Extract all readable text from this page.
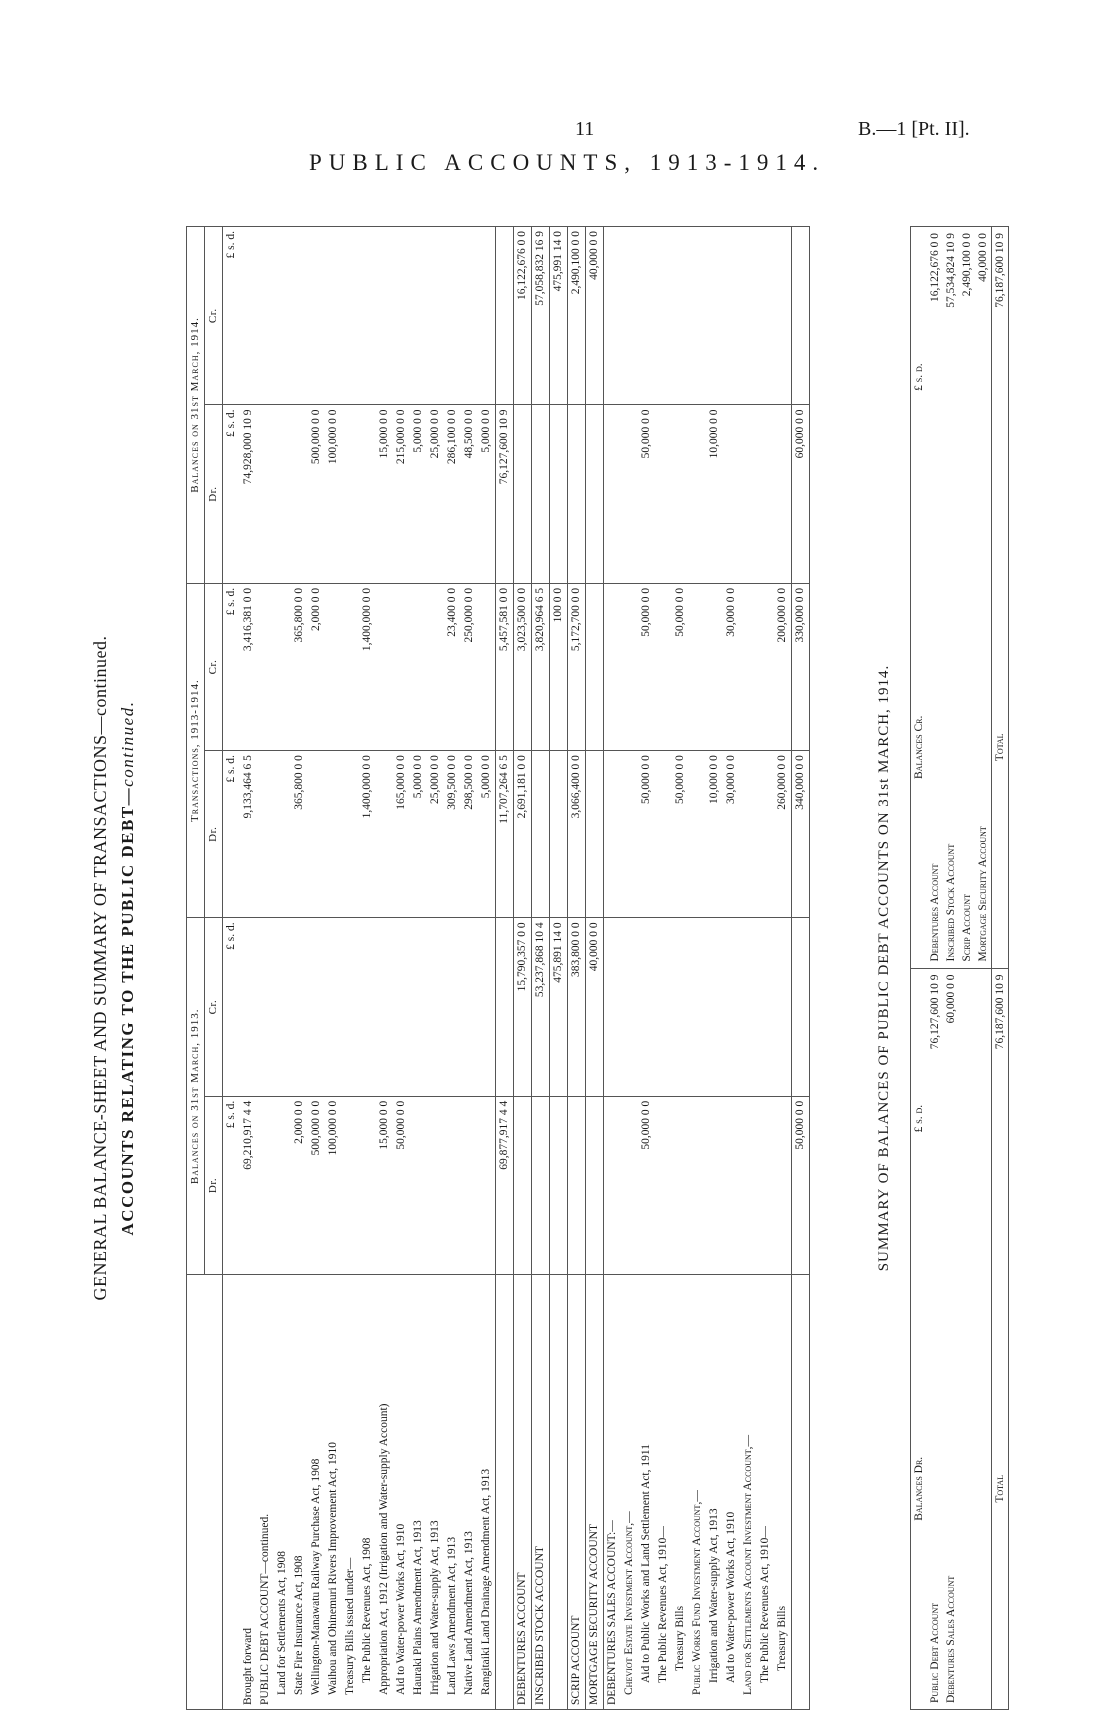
11	B.—1 [Pt. II].
PUBLIC ACCOUNTS, 1913-1914.
GENERAL BALANCE-SHEET AND SUMMARY OF TRANSACTIONS—continued. ACCOUNTS RELATING TO THE PUBLIC DEBT—continued.
	Balances on 31st March, 1913.		Transactions, 1913-1914.		Balances on 31st March, 1914.	
	Dr.	Cr.	Dr.	Cr.	Dr.	Cr.
	£ s. d.	£ s. d.	£ s. d.	£ s. d.	£ s. d.	£ s. d.
Brought forward	69,210,917 4 4		9,133,464 6 5	3,416,381 0 0	74,928,000 10 9	
PUBLIC DEBT ACCOUNT—continued.						
Land for Settlements Act, 1908						
State Fire Insurance Act, 1908	2,000 0 0		365,800 0 0	365,800 0 0		
Wellington-Manawatu Railway Purchase Act, 1908	500,000 0 0			2,000 0 0	500,000 0 0	
Waihou and Ohinemuri Rivers Improvement Act, 1910	100,000 0 0				100,000 0 0	
Treasury Bills issued under—						
The Public Revenues Act, 1908			1,400,000 0 0	1,400,000 0 0		
Appropriation Act, 1912 (Irrigation and Water-supply Account)	15,000 0 0				15,000 0 0	
Aid to Water-power Works Act, 1910	50,000 0 0		165,000 0 0		215,000 0 0	
Hauraki Plains Amendment Act, 1913			5,000 0 0		5,000 0 0	
Irrigation and Water-supply Act, 1913			25,000 0 0		25,000 0 0	
Land Laws Amendment Act, 1913			309,500 0 0	23,400 0 0	286,100 0 0	
Native Land Amendment Act, 1913			298,500 0 0	250,000 0 0	48,500 0 0	
Rangitaiki Land Drainage Amendment Act, 1913			5,000 0 0		5,000 0 0	
	69,877,917 4 4		11,707,264 6 5	5,457,581 0 0	76,127,600 10 9	
DEBENTURES ACCOUNT		15,790,357 0 0	2,691,181 0 0	3,023,500 0 0		16,122,676 0 0
INSCRIBED STOCK ACCOUNT		53,237,868 10 4		3,820,964 6 5		57,058,832 16 9
		475,891 14 0		100 0 0		475,991 14 0
SCRIP ACCOUNT		383,800 0 0	3,066,400 0 0	5,172,700 0 0		2,490,100 0 0
MORTGAGE SECURITY ACCOUNT		40,000 0 0				40,000 0 0
DEBENTURES SALES ACCOUNT:—						
Cheviot Estate Investment Account,—						
Aid to Public Works and Land Settlement Act, 1911	50,000 0 0		50,000 0 0	50,000 0 0	50,000 0 0	
The Public Revenues Act, 1910—						
Treasury Bills			50,000 0 0	50,000 0 0		
Public Works Fund Investment Account,—						
Irrigation and Water-supply Act, 1913			10,000 0 0		10,000 0 0	
Aid to Water-power Works Act, 1910			30,000 0 0	30,000 0 0		
Land for Settlements Account Investment Account,—						
The Public Revenues Act, 1910—						
Treasury Bills			260,000 0 0	200,000 0 0		
	50,000 0 0		340,000 0 0	330,000 0 0	60,000 0 0	
SUMMARY OF BALANCES OF PUBLIC DEBT ACCOUNTS ON 31st MARCH, 1914.
Balances Dr.	£ s. d.	Balances Cr.	£ s. d.
Public Debt Account	76,127,600 10 9	Debentures Account	16,122,676 0 0
Debentures Sales Account	60,000 0 0	Inscribed Stock Account	57,534,824 10 9
		Scrip Account	2,490,100 0 0
		Mortgage Security Account	40,000 0 0
Total	76,187,600 10 9	Total	76,187,600 10 9
